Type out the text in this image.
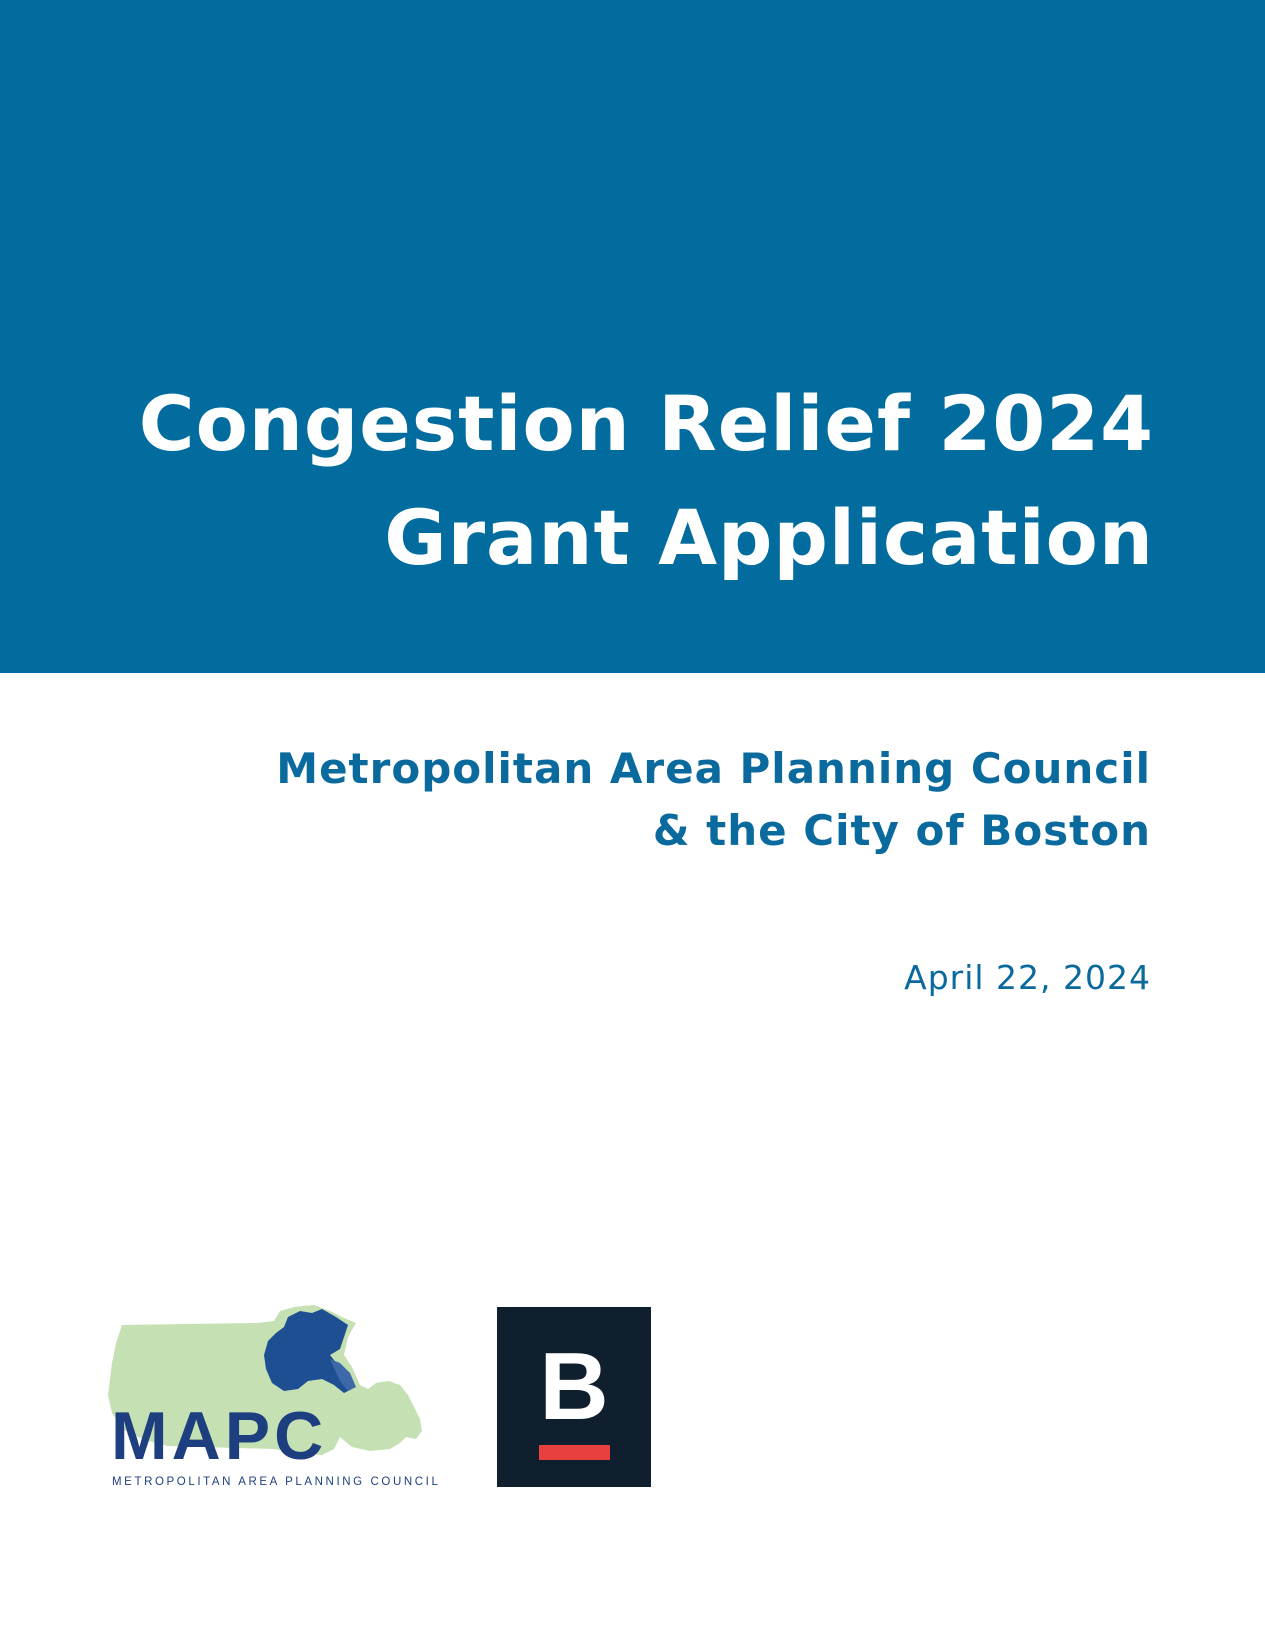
Congestion Relief 2024
Grant Application
Metropolitan Area Planning Council
& the City of Boston
April 22, 2024
MAPC
METROPOLITAN AREA PLANNING COUNCIL
B
